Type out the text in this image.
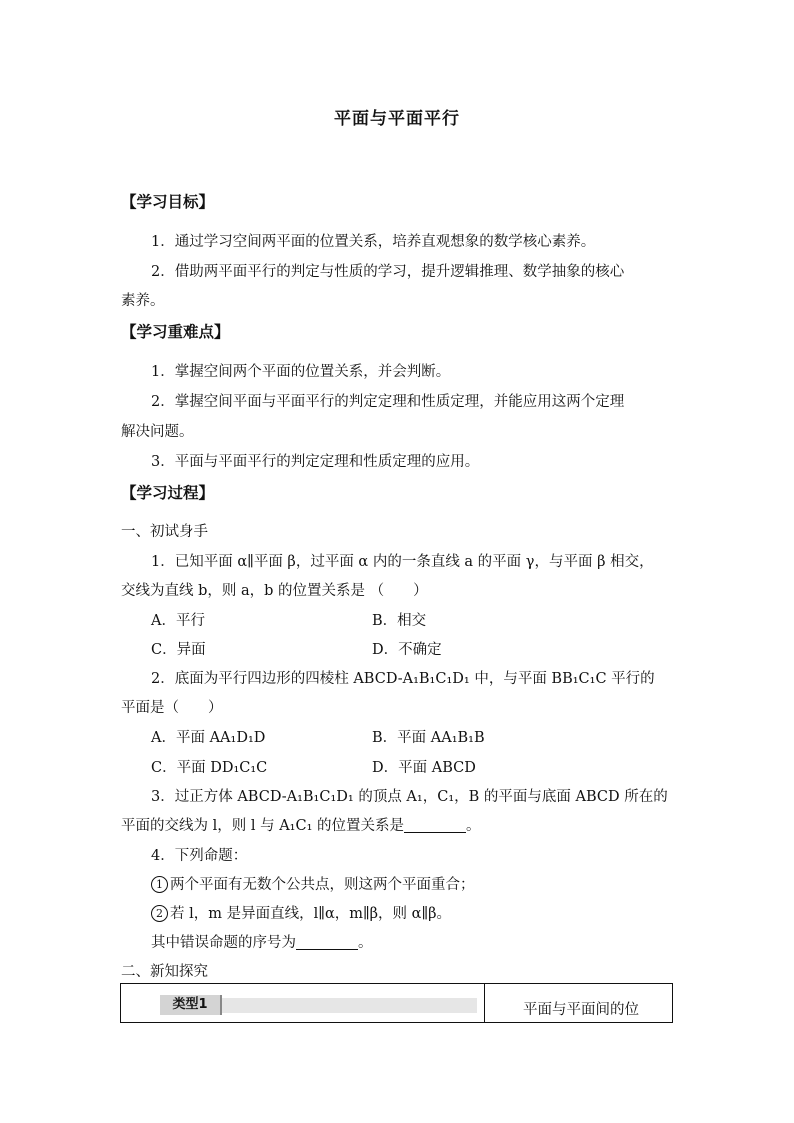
平面与平面平行
【学习目标】
1．通过学习空间两平面的位置关系，培养直观想象的数学核心素养。
2．借助两平面平行的判定与性质的学习，提升逻辑推理、数学抽象的核心
素养。
【学习重难点】
1．掌握空间两个平面的位置关系，并会判断。
2．掌握空间平面与平面平行的判定定理和性质定理，并能应用这两个定理
解决问题。
3．平面与平面平行的判定定理和性质定理的应用。
【学习过程】
一、初试身手
1．已知平面 α∥平面 β，过平面 α 内的一条直线 a 的平面 γ，与平面 β 相交，
交线为直线 b，则 a，b 的位置关系是 （　　）
A．平行	B．相交
C．异面	D．不确定
2．底面为平行四边形的四棱柱 ABCD-A₁B₁C₁D₁ 中，与平面 BB₁C₁C 平行的
平面是（　　）
A．平面 AA₁D₁D	B．平面 AA₁B₁B
C．平面 DD₁C₁C	D．平面 ABCD
3．过正方体 ABCD-A₁B₁C₁D₁ 的顶点 A₁，C₁，B 的平面与底面 ABCD 所在的
平面的交线为 l，则 l 与 A₁C₁ 的位置关系是	。
4．下列命题：
1 两个平面有无数个公共点，则这两个平面重合；
2 若 l，m 是异面直线，l∥α，m∥β，则 α∥β。
其中错误命题的序号为	。
二、新知探究
类型1	平面与平面间的位
